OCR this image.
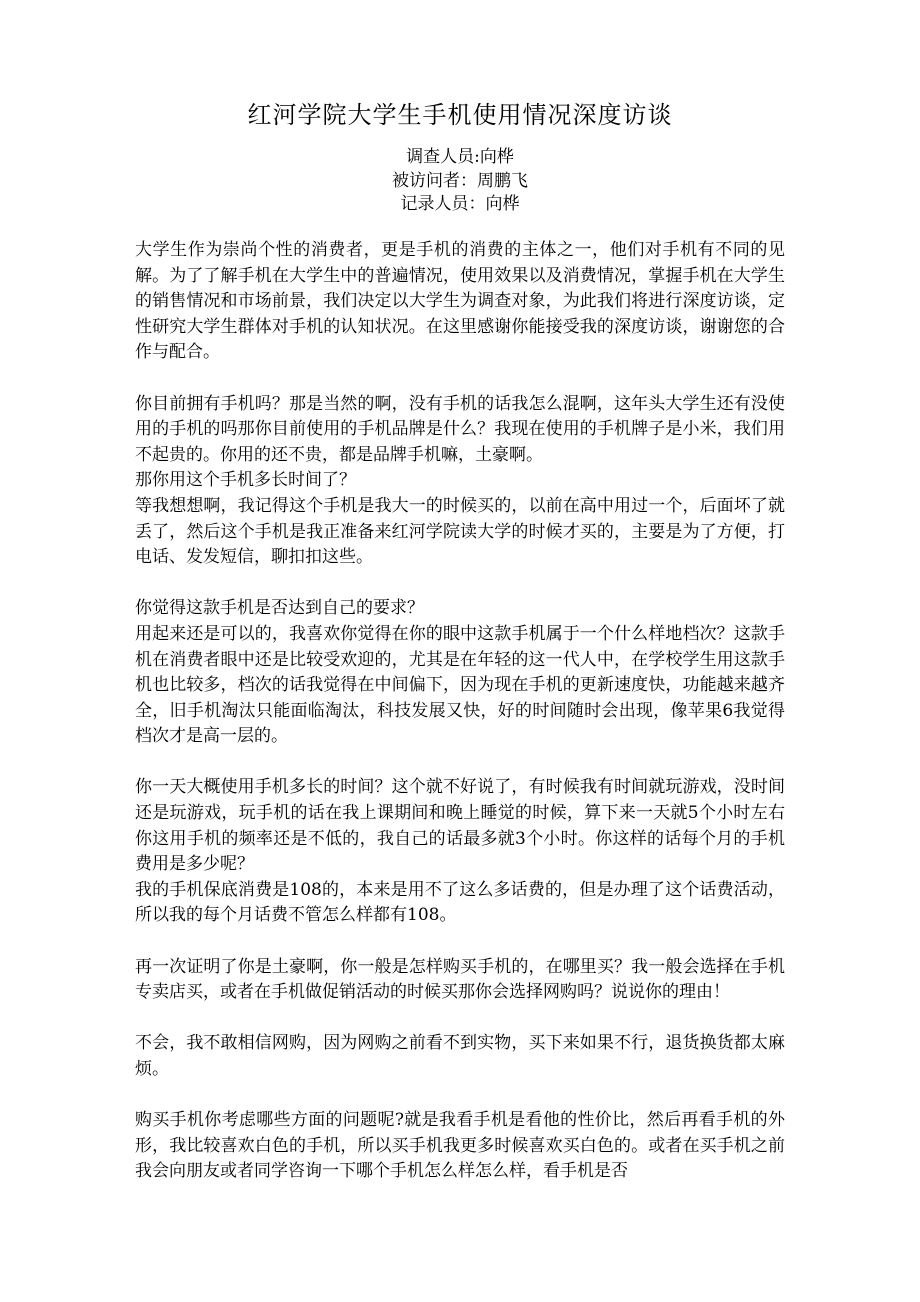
红河学院大学生手机使用情况深度访谈
调查人员:向桦
被访问者：周鹏飞
记录人员：向桦

大学生作为崇尚个性的消费者，更是手机的消费的主体之一，他们对手机有不同的见解。为了了解手机在大学生中的普遍情况，使用效果以及消费情况，掌握手机在大学生的销售情况和市场前景，我们决定以大学生为调查对象，为此我们将进行深度访谈，定性研究大学生群体对手机的认知状况。在这里感谢你能接受我的深度访谈，谢谢您的合作与配合。

你目前拥有手机吗？那是当然的啊，没有手机的话我怎么混啊，这年头大学生还有没使用的手机的吗那你目前使用的手机品牌是什么？我现在使用的手机牌子是小米，我们用不起贵的。你用的还不贵，都是品牌手机嘛，土豪啊。

那你用这个手机多长时间了？

等我想想啊，我记得这个手机是我大一的时候买的，以前在高中用过一个，后面坏了就丢了，然后这个手机是我正准备来红河学院读大学的时候才买的，主要是为了方便，打电话、发发短信，聊扣扣这些。

你觉得这款手机是否达到自己的要求？

用起来还是可以的，我喜欢你觉得在你的眼中这款手机属于一个什么样地档次？这款手机在消费者眼中还是比较受欢迎的，尤其是在年轻的这一代人中，在学校学生用这款手机也比较多，档次的话我觉得在中间偏下，因为现在手机的更新速度快，功能越来越齐全，旧手机淘汰只能面临淘汰，科技发展又快，好的时间随时会出现，像苹果6我觉得档次才是高一层的。

你一天大概使用手机多长的时间？这个就不好说了，有时候我有时间就玩游戏，没时间还是玩游戏，玩手机的话在我上课期间和晚上睡觉的时候，算下来一天就5个小时左右你这用手机的频率还是不低的，我自己的话最多就3个小时。你这样的话每个月的手机费用是多少呢？

我的手机保底消费是108的，本来是用不了这么多话费的，但是办理了这个话费活动，所以我的每个月话费不管怎么样都有108。

再一次证明了你是土豪啊，你一般是怎样购买手机的，在哪里买？我一般会选择在手机专卖店买，或者在手机做促销活动的时候买那你会选择网购吗？说说你的理由！

不会，我不敢相信网购，因为网购之前看不到实物，买下来如果不行，退货换货都太麻烦。

购买手机你考虑哪些方面的问题呢?就是我看手机是看他的性价比，然后再看手机的外形，我比较喜欢白色的手机，所以买手机我更多时候喜欢买白色的。或者在买手机之前我会向朋友或者同学咨询一下哪个手机怎么样怎么样，看手机是否
